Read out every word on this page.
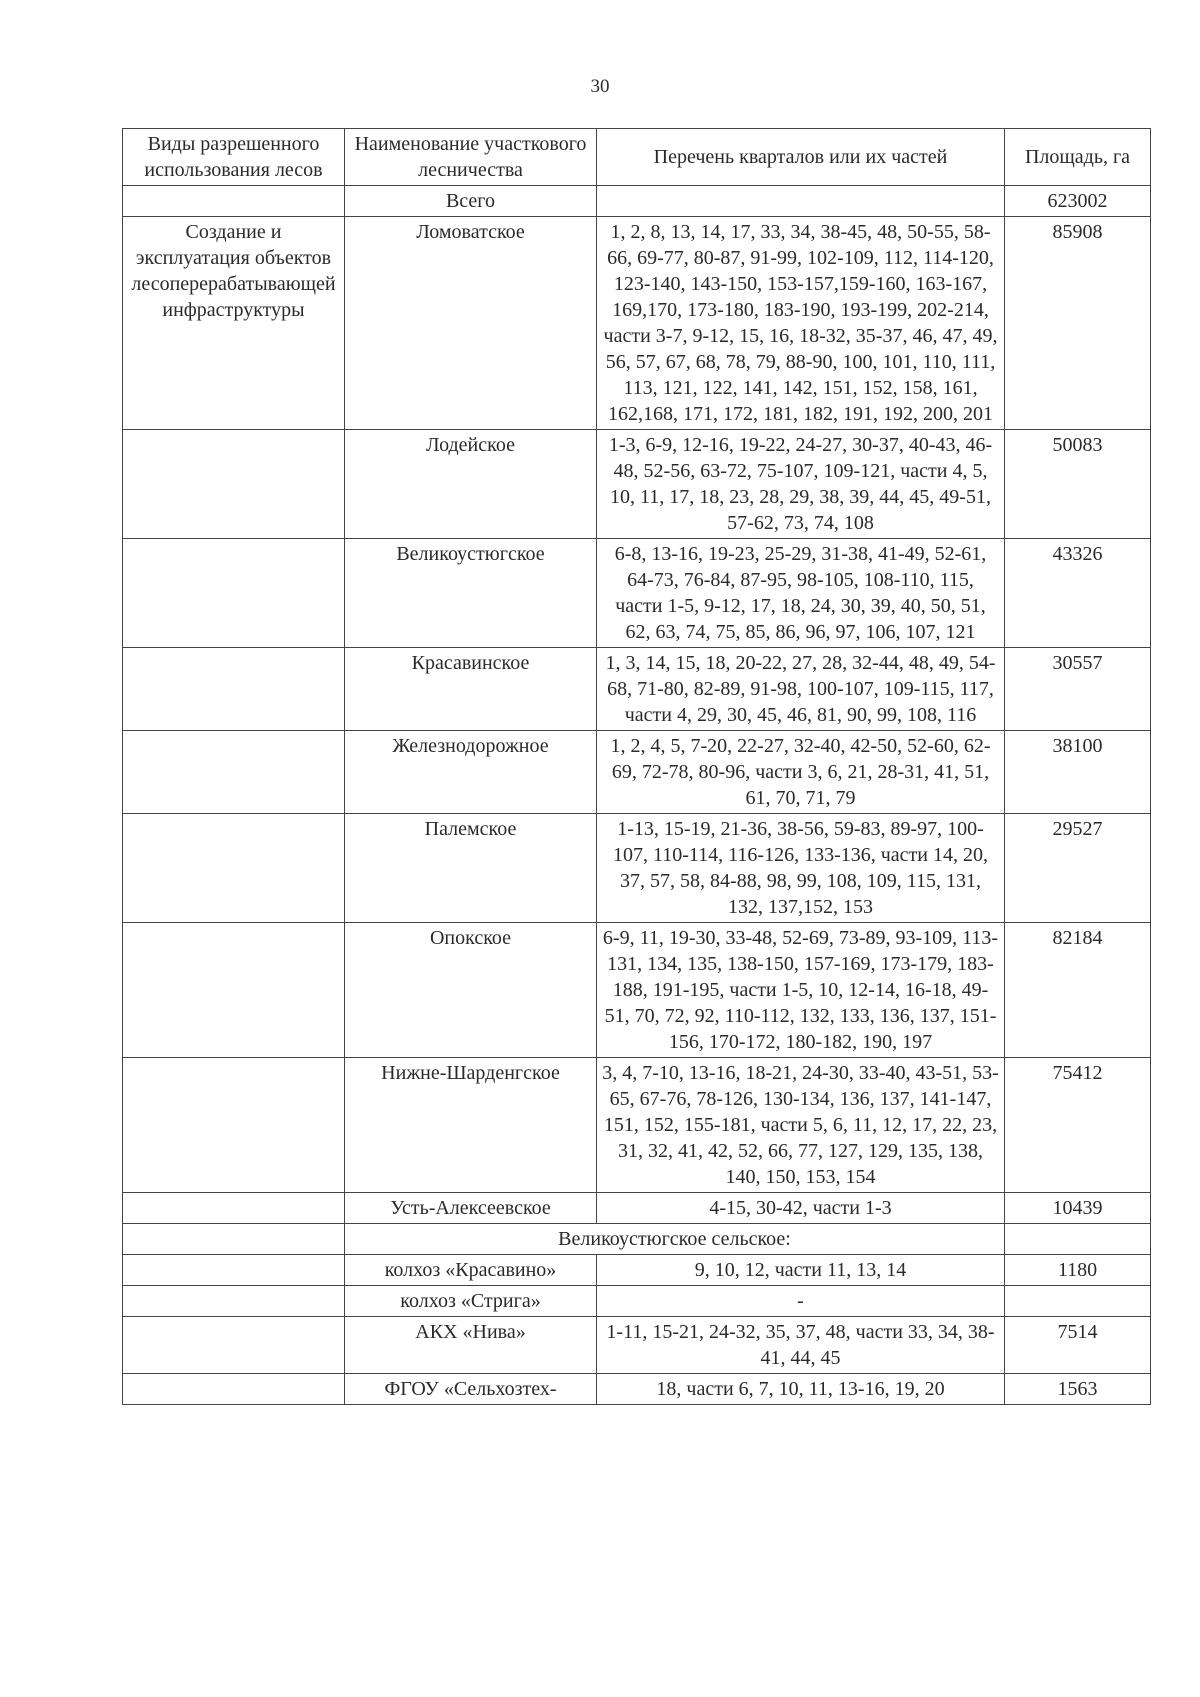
30
Виды разрешенного использования лесов	Наименование участкового лесничества	Перечень кварталов или их частей	Площадь, га
	Всего		623002
Создание и эксплуатация объектов лесоперерабатывающей инфраструктуры	Ломоватское	1, 2, 8, 13, 14, 17, 33, 34, 38-45, 48, 50-55, 58-66, 69-77, 80-87, 91-99, 102-109, 112, 114-120, 123-140, 143-150, 153-157,159-160, 163-167, 169,170, 173-180, 183-190, 193-199, 202-214, части 3-7, 9-12, 15, 16, 18-32, 35-37, 46, 47, 49, 56, 57, 67, 68, 78, 79, 88-90, 100, 101, 110, 111, 113, 121, 122, 141, 142, 151, 152, 158, 161, 162,168, 171, 172, 181, 182, 191, 192, 200, 201	85908
	Лодейское	1-3, 6-9, 12-16, 19-22, 24-27, 30-37, 40-43, 46-48, 52-56, 63-72, 75-107, 109-121, части 4, 5, 10, 11, 17, 18, 23, 28, 29, 38, 39, 44, 45, 49-51, 57-62, 73, 74, 108	50083
	Великоустюгское	6-8, 13-16, 19-23, 25-29, 31-38, 41-49, 52-61, 64-73, 76-84, 87-95, 98-105, 108-110, 115, части 1-5, 9-12, 17, 18, 24, 30, 39, 40, 50, 51, 62, 63, 74, 75, 85, 86, 96, 97, 106, 107, 121	43326
	Красавинское	1, 3, 14, 15, 18, 20-22, 27, 28, 32-44, 48, 49, 54-68, 71-80, 82-89, 91-98, 100-107, 109-115, 117, части 4, 29, 30, 45, 46, 81, 90, 99, 108, 116	30557
	Железнодорожное	1, 2, 4, 5, 7-20, 22-27, 32-40, 42-50, 52-60, 62-69, 72-78, 80-96, части 3, 6, 21, 28-31, 41, 51, 61, 70, 71, 79	38100
	Палемское	1-13, 15-19, 21-36, 38-56, 59-83, 89-97, 100-107, 110-114, 116-126, 133-136, части 14, 20, 37, 57, 58, 84-88, 98, 99, 108, 109, 115, 131, 132, 137,152, 153	29527
	Опокское	6-9, 11, 19-30, 33-48, 52-69, 73-89, 93-109, 113-131, 134, 135, 138-150, 157-169, 173-179, 183-188, 191-195, части 1-5, 10, 12-14, 16-18, 49-51, 70, 72, 92, 110-112, 132, 133, 136, 137, 151-156, 170-172, 180-182, 190, 197	82184
	Нижне-Шарденгское	3, 4, 7-10, 13-16, 18-21, 24-30, 33-40, 43-51, 53-65, 67-76, 78-126, 130-134, 136, 137, 141-147, 151, 152, 155-181, части 5, 6, 11, 12, 17, 22, 23, 31, 32, 41, 42, 52, 66, 77, 127, 129, 135, 138, 140, 150, 153, 154	75412
	Усть-Алексеевское	4-15, 30-42, части 1-3	10439
	Великоустюгское сельское:		
	колхоз «Красавино»	9, 10, 12, части 11, 13, 14	1180
	колхоз «Стрига»	-	
	АКХ «Нива»	1-11, 15-21, 24-32, 35, 37, 48, части 33, 34, 38-41, 44, 45	7514
	ФГОУ «Сельхозтех-	18, части 6, 7, 10, 11, 13-16, 19, 20	1563
